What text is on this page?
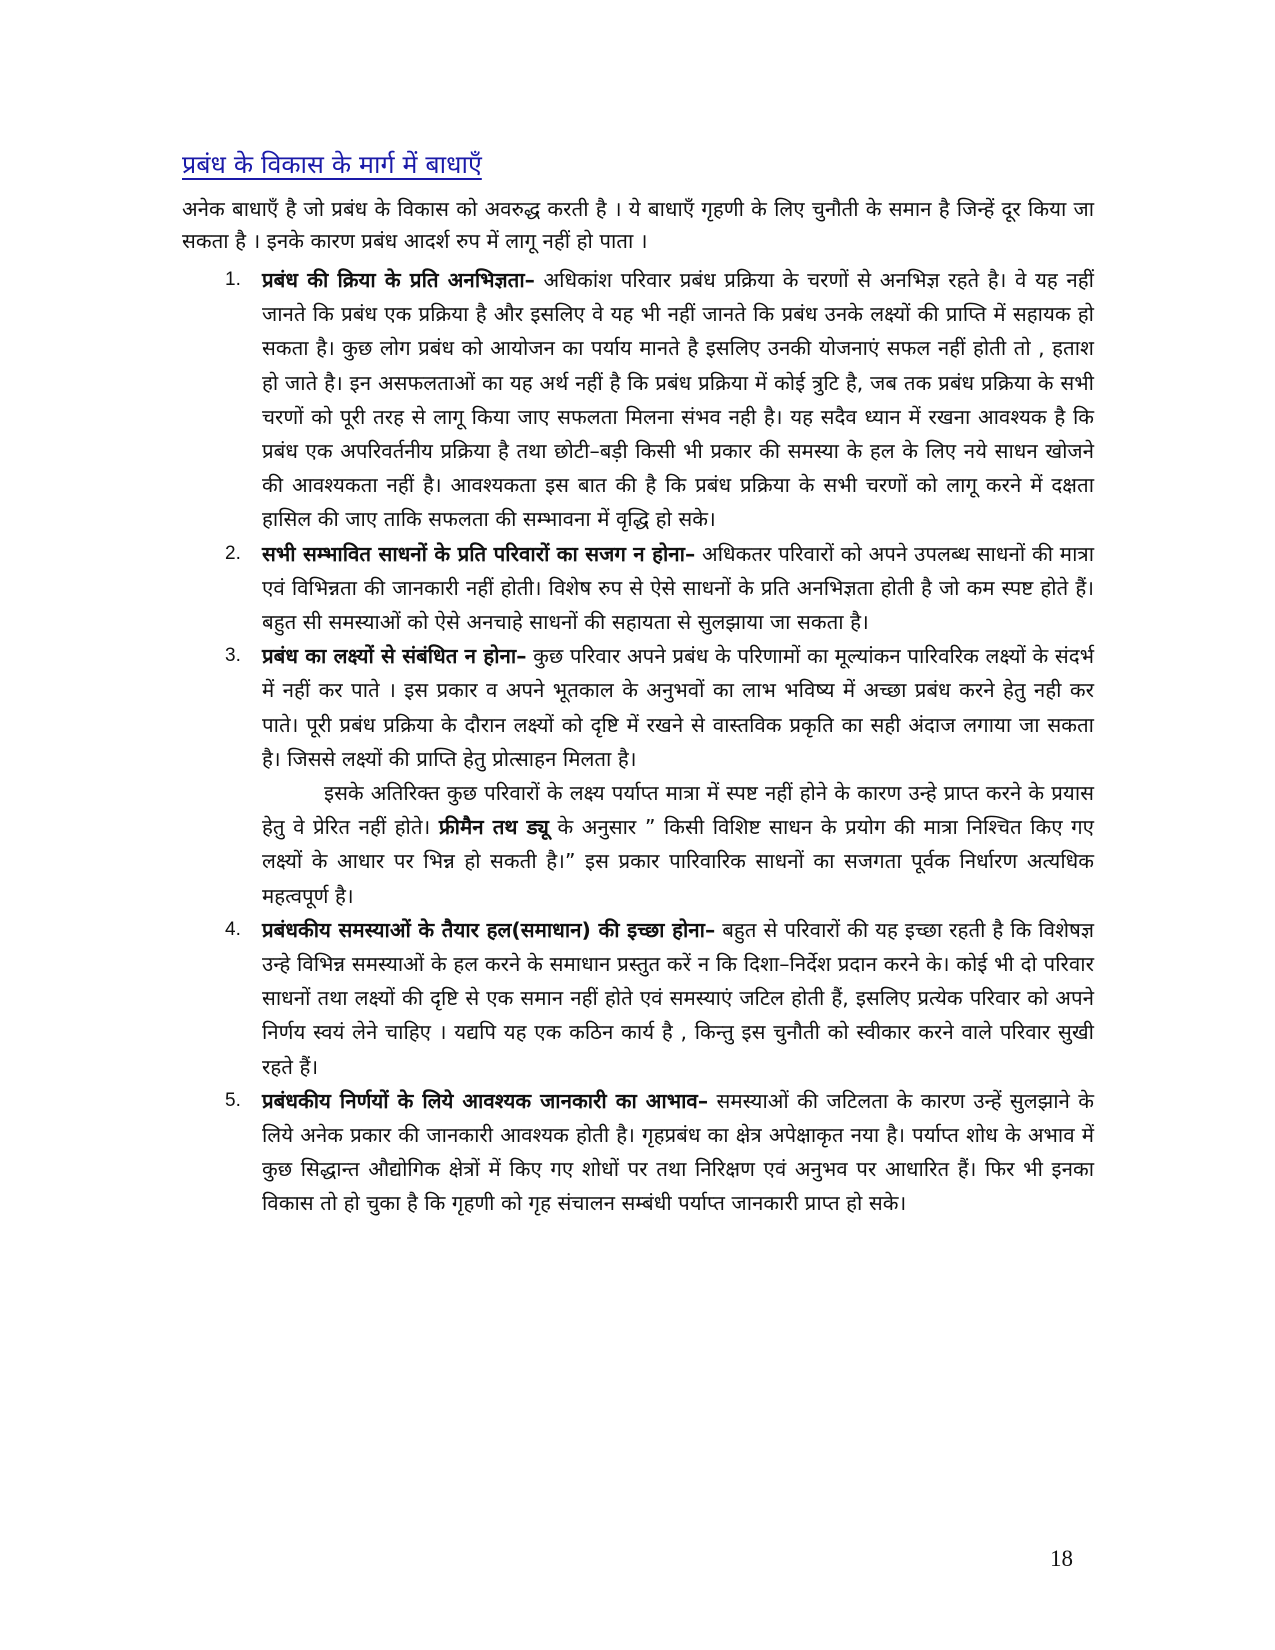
प्रबंध के विकास के मार्ग में बाधाएँ

अनेक बाधाएँ है जो प्रबंध के विकास को अवरुद्ध करती है । ये बाधाएँ गृहणी के लिए चुनौती के समान है जिन्हें दूर किया जा सकता है । इनके कारण प्रबंध आदर्श रुप में लागू नहीं हो पाता ।

1. प्रबंध की क्रिया के प्रति अनभिज्ञता– अधिकांश परिवार प्रबंध प्रक्रिया के चरणों से अनभिज्ञ रहते है। वे यह नहीं जानते कि प्रबंध एक प्रक्रिया है और इसलिए वे यह भी नहीं जानते कि प्रबंध उनके लक्ष्यों की प्राप्ति में सहायक हो सकता है। कुछ लोग प्रबंध को आयोजन का पर्याय मानते है इसलिए उनकी योजनाएं सफल नहीं होती तो , हताश हो जाते है। इन असफलताओं का यह अर्थ नहीं है कि प्रबंध प्रक्रिया में कोई त्रुटि है, जब तक प्रबंध प्रक्रिया के सभी चरणों को पूरी तरह से लागू किया जाए सफलता मिलना संभव नही है। यह सदैव ध्यान में रखना आवश्यक है कि प्रबंध एक अपरिवर्तनीय प्रक्रिया है तथा छोटी–बड़ी किसी भी प्रकार की समस्या के हल के लिए नये साधन खोजने की आवश्यकता नहीं है। आवश्यकता इस बात की है कि प्रबंध प्रक्रिया के सभी चरणों को लागू करने में दक्षता हासिल की जाए ताकि सफलता की सम्भावना में वृद्धि हो सके।
2. सभी सम्भावित साधनों के प्रति परिवारों का सजग न होना– अधिकतर परिवारों को अपने उपलब्ध साधनों की मात्रा एवं विभिन्नता की जानकारी नहीं होती। विशेष रुप से ऐसे साधनों के प्रति अनभिज्ञता होती है जो कम स्पष्ट होते हैं। बहुत सी समस्याओं को ऐसे अनचाहे साधनों की सहायता से सुलझाया जा सकता है।
3. प्रबंध का लक्ष्यों से संबंधित न होना– कुछ परिवार अपने प्रबंध के परिणामों का मूल्यांकन पारिवरिक लक्ष्यों के संदर्भ में नहीं कर पाते । इस प्रकार व अपने भूतकाल के अनुभवों का लाभ भविष्य में अच्छा प्रबंध करने हेतु नही कर पाते। पूरी प्रबंध प्रक्रिया के दौरान लक्ष्यों को दृष्टि में रखने से वास्तविक प्रकृति का सही अंदाज लगाया जा सकता है। जिससे लक्ष्यों की प्राप्ति हेतु प्रोत्साहन मिलता है।

इसके अतिरिक्त कुछ परिवारों के लक्ष्य पर्याप्त मात्रा में स्पष्ट नहीं होने के कारण उन्हे प्राप्त करने के प्रयास हेतु वे प्रेरित नहीं होते। फ्रीमैन तथ ड्यू के अनुसार ” किसी विशिष्ट साधन के प्रयोग की मात्रा निश्चित किए गए लक्ष्यों के आधार पर भिन्न हो सकती है।” इस प्रकार पारिवारिक साधनों का सजगता पूर्वक निर्धारण अत्यधिक महत्वपूर्ण है।

4. प्रबंधकीय समस्याओं के तैयार हल(समाधान) की इच्छा होना– बहुत से परिवारों की यह इच्छा रहती है कि विशेषज्ञ उन्हे विभिन्न समस्याओं के हल करने के समाधान प्रस्तुत करें न कि दिशा–निर्देश प्रदान करने के। कोई भी दो परिवार साधनों तथा लक्ष्यों की दृष्टि से एक समान नहीं होते एवं समस्याएं जटिल होती हैं, इसलिए प्रत्येक परिवार को अपने निर्णय स्वयं लेने चाहिए । यद्यपि यह एक कठिन कार्य है , किन्तु इस चुनौती को स्वीकार करने वाले परिवार सुखी रहते हैं।
5. प्रबंधकीय निर्णयों के लिये आवश्यक जानकारी का आभाव– समस्याओं की जटिलता के कारण उन्हें सुलझाने के लिये अनेक प्रकार की जानकारी आवश्यक होती है। गृहप्रबंध का क्षेत्र अपेक्षाकृत नया है। पर्याप्त शोध के अभाव में कुछ सिद्धान्त औद्योगिक क्षेत्रों में किए गए शोधों पर तथा निरिक्षण एवं अनुभव पर आधारित हैं। फिर भी इनका विकास तो हो चुका है कि गृहणी को गृह संचालन सम्बंधी पर्याप्त जानकारी प्राप्त हो सके।
18
